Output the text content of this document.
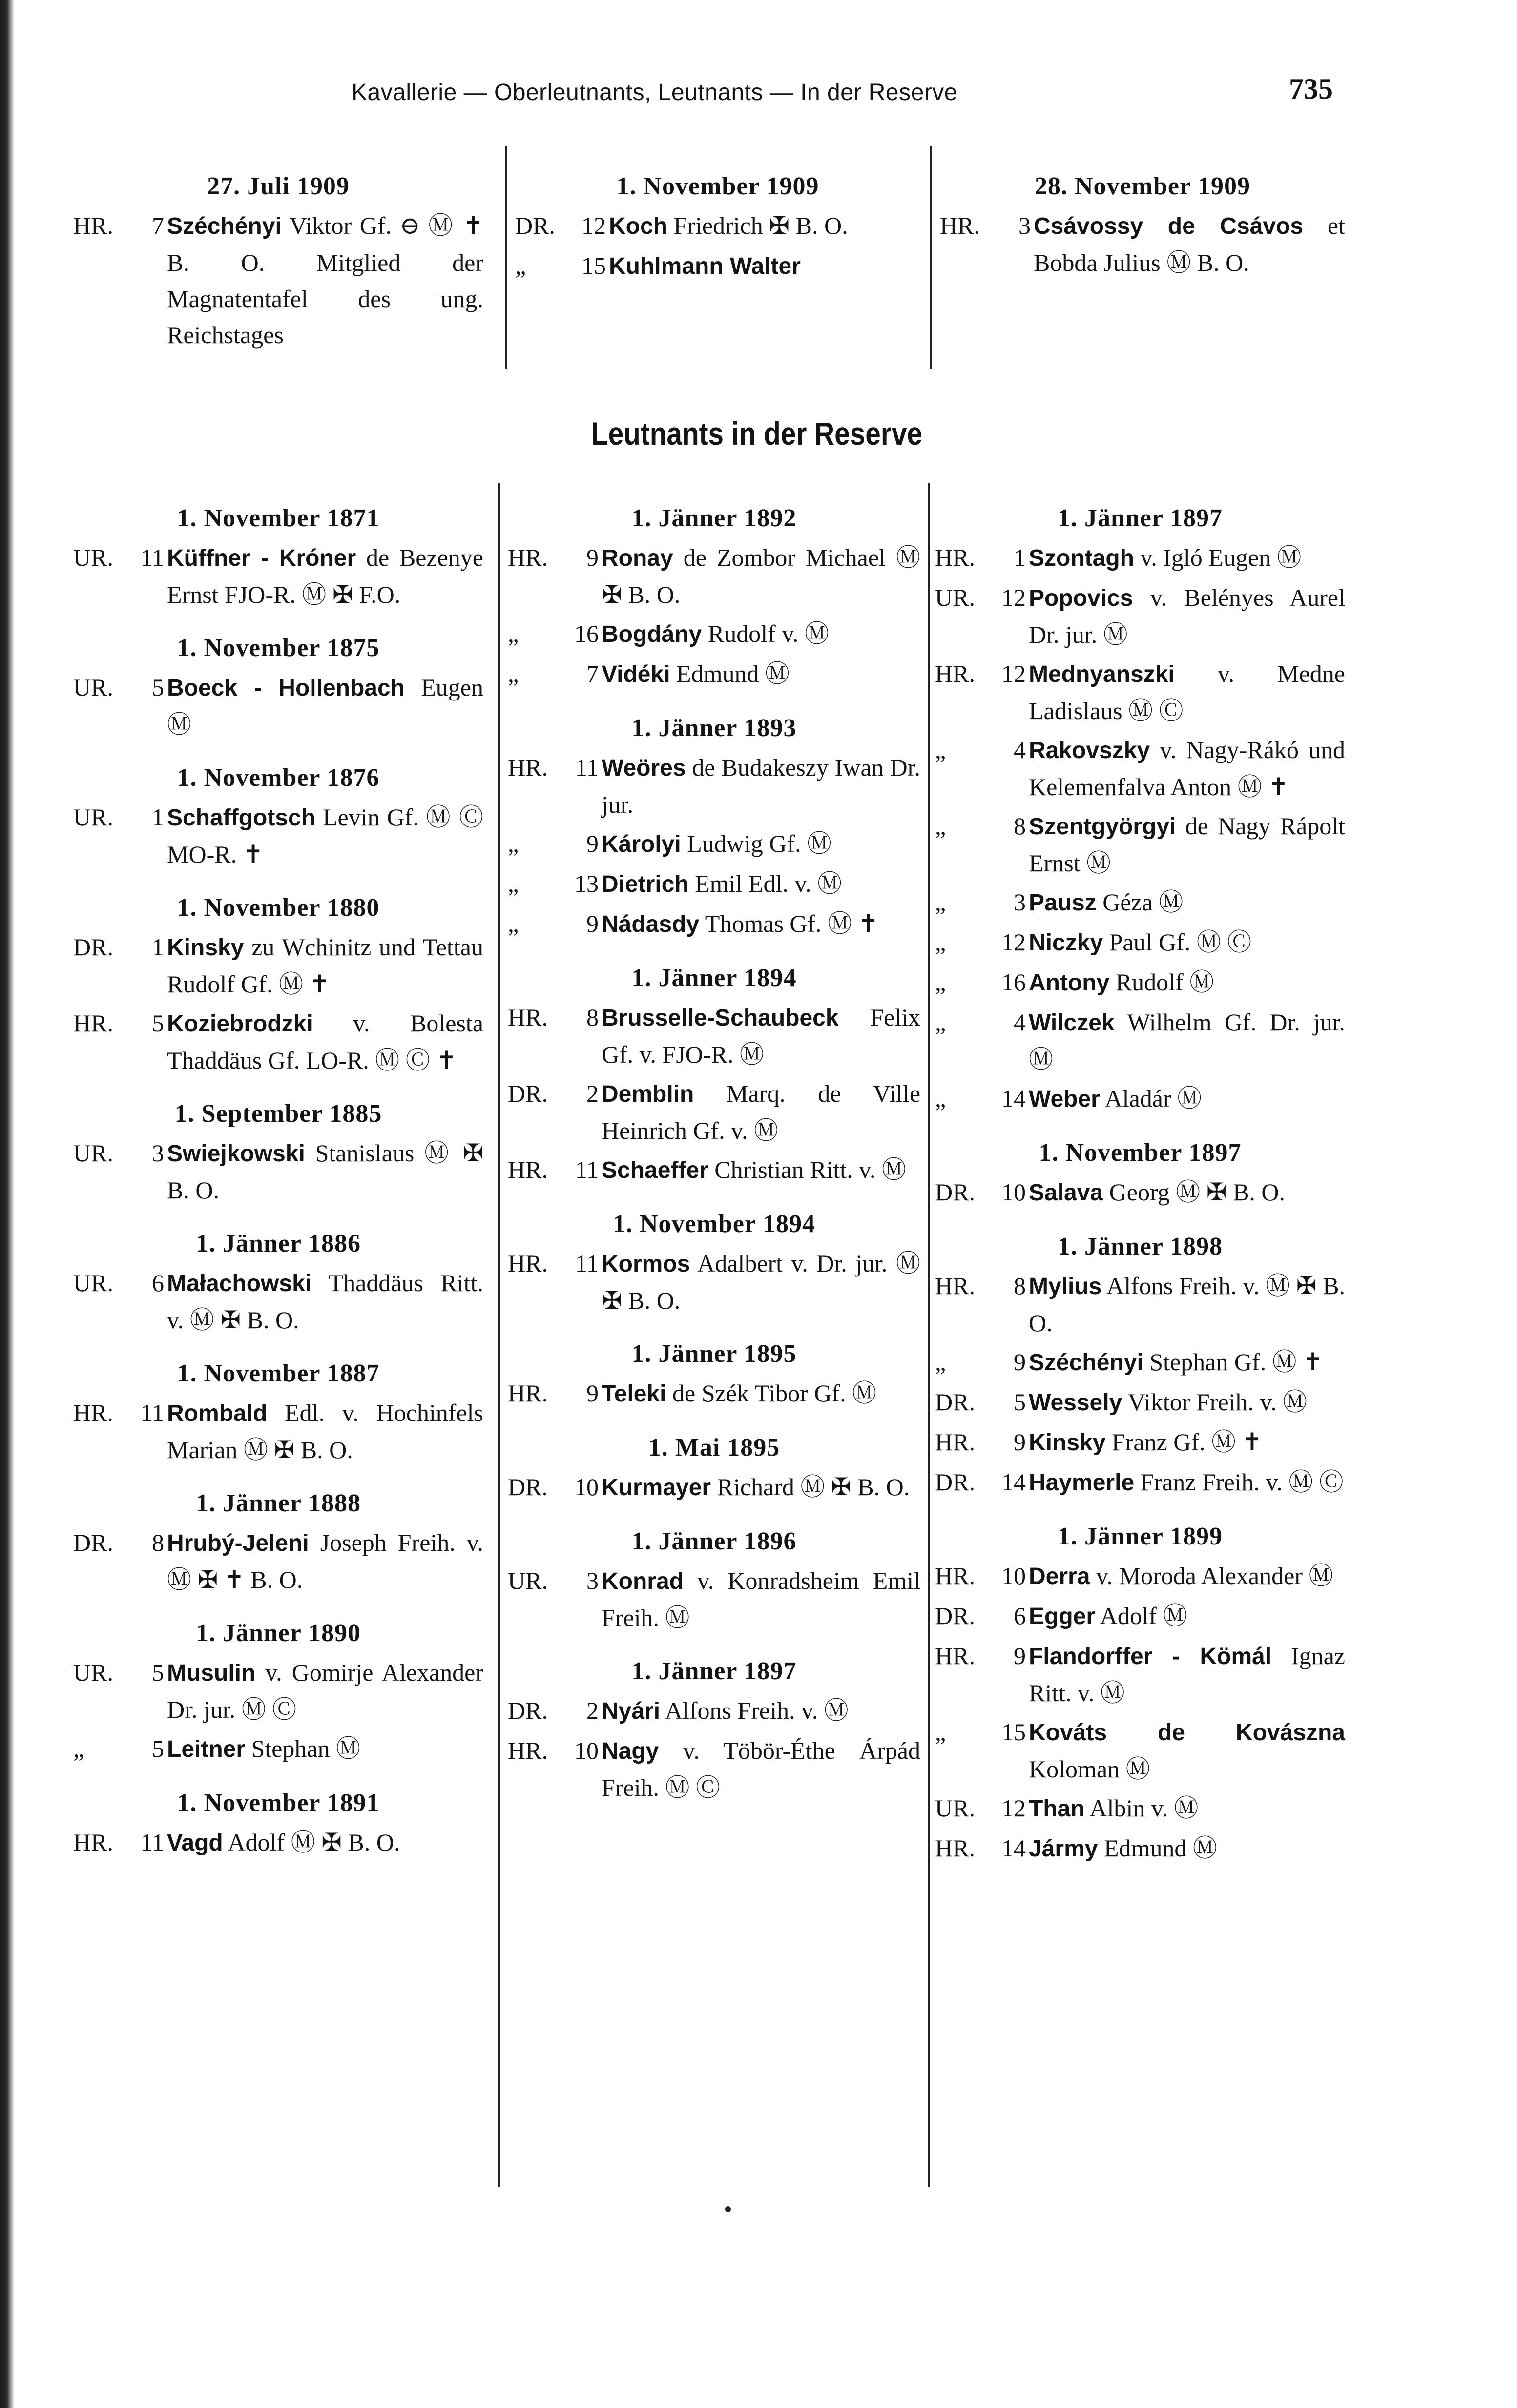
Kavallerie — Oberleutnants, Leutnants — In der Reserve	735
27. Juli 1909
HR.	7 Széchényi Viktor Gf. ⊖ Ⓜ ✝ B. O. Mitglied der Magnatentafel des ung. Reichstages
1. November 1909
DR.	12 Koch Friedrich ✠ B. O.
„	15 Kuhlmann Walter
28. November 1909
HR.	3 Csávossy de Csávos et Bobda Julius Ⓜ B. O.
Leutnants in der Reserve
1. November 1871
UR.	11 Küffner - Króner de Bezenye Ernst FJO-R. Ⓜ ✠ F.O.
1. November 1875
UR.	5 Boeck - Hollenbach Eugen Ⓜ
1. November 1876
UR.	1 Schaffgotsch Levin Gf. Ⓜ Ⓒ MO-R. ✝
1. November 1880
DR.	1 Kinsky zu Wchinitz und Tettau Rudolf Gf. Ⓜ ✝
HR.	5 Koziebrodzki v. Bolesta Thaddäus Gf. LO-R. Ⓜ Ⓒ ✝
1. September 1885
UR.	3 Swiejkowski Stanislaus Ⓜ ✠ B. O.
1. Jänner 1886
UR.	6 Małachowski Thaddäus Ritt. v. Ⓜ ✠ B. O.
1. November 1887
HR.	11 Rombald Edl. v. Hochinfels Marian Ⓜ ✠ B. O.
1. Jänner 1888
DR.	8 Hrubý-Jeleni Joseph Freih. v. Ⓜ ✠ ✝ B. O.
1. Jänner 1890
UR.	5 Musulin v. Gomirje Alexander Dr. jur. Ⓜ Ⓒ
„	5 Leitner Stephan Ⓜ
1. November 1891
HR.	11 Vagd Adolf Ⓜ ✠ B. O.
1. Jänner 1892
HR.	9 Ronay de Zombor Michael Ⓜ ✠ B. O.
„	16 Bogdány Rudolf v. Ⓜ
„	7 Vidéki Edmund Ⓜ
1. Jänner 1893
HR.	11 Weöres de Budakeszy Iwan Dr. jur.
„	9 Károlyi Ludwig Gf. Ⓜ
„	13 Dietrich Emil Edl. v. Ⓜ
„	9 Nádasdy Thomas Gf. Ⓜ ✝
1. Jänner 1894
HR.	8 Brusselle-Schaubeck Felix Gf. v. FJO-R. Ⓜ
DR.	2 Demblin Marq. de Ville Heinrich Gf. v. Ⓜ
HR.	11 Schaeffer Christian Ritt. v. Ⓜ
1. November 1894
HR.	11 Kormos Adalbert v. Dr. jur. Ⓜ ✠ B. O.
1. Jänner 1895
HR.	9 Teleki de Szék Tibor Gf. Ⓜ
1. Mai 1895
DR.	10 Kurmayer Richard Ⓜ ✠ B. O.
1. Jänner 1896
UR.	3 Konrad v. Konradsheim Emil Freih. Ⓜ
1. Jänner 1897
DR.	2 Nyári Alfons Freih. v. Ⓜ
HR.	10 Nagy v. Töbör-Éthe Árpád Freih. Ⓜ Ⓒ
1. Jänner 1897
HR.	1 Szontagh v. Igló Eugen Ⓜ
UR.	12 Popovics v. Belényes Aurel Dr. jur. Ⓜ
HR.	12 Mednyanszki v. Medne Ladislaus Ⓜ Ⓒ
„	4 Rakovszky v. Nagy-Rákó und Kelemenfalva Anton Ⓜ ✝
„	8 Szentgyörgyi de Nagy Rápolt Ernst Ⓜ
„	3 Pausz Géza Ⓜ
„	12 Niczky Paul Gf. Ⓜ Ⓒ
„	16 Antony Rudolf Ⓜ
„	4 Wilczek Wilhelm Gf. Dr. jur. Ⓜ
„	14 Weber Aladár Ⓜ
1. November 1897
DR.	10 Salava Georg Ⓜ ✠ B. O.
1. Jänner 1898
HR.	8 Mylius Alfons Freih. v. Ⓜ ✠ B. O.
„	9 Széchényi Stephan Gf. Ⓜ ✝
DR.	5 Wessely Viktor Freih. v. Ⓜ
HR.	9 Kinsky Franz Gf. Ⓜ ✝
DR.	14 Haymerle Franz Freih. v. Ⓜ Ⓒ
1. Jänner 1899
HR.	10 Derra v. Moroda Alexander Ⓜ
DR.	6 Egger Adolf Ⓜ
HR.	9 Flandorffer - Kömál Ignaz Ritt. v. Ⓜ
„	15 Kováts de Kovászna Koloman Ⓜ
UR.	12 Than Albin v. Ⓜ
HR.	14 Jármy Edmund Ⓜ
